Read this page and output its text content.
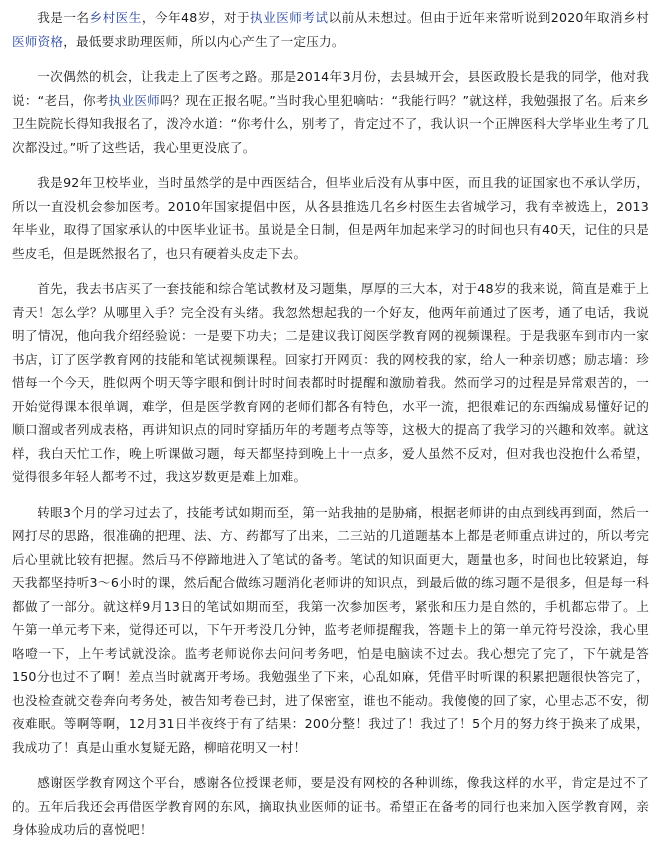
我是一名乡村医生，今年48岁，对于执业医师考试以前从未想过。但由于近年来常听说到2020年取消乡村医师资格，最低要求助理医师，所以内心产生了一定压力。

一次偶然的机会，让我走上了医考之路。那是2014年3月份，去县城开会，县医政股长是我的同学，他对我说：“老吕，你考执业医师吗？现在正报名呢。”当时我心里犯嘀咕：“我能行吗？”就这样，我勉强报了名。后来乡卫生院院长得知我报名了，泼冷水道：“你考什么，别考了，肯定过不了，我认识一个正牌医科大学毕业生考了几次都没过。”听了这些话，我心里更没底了。

我是92年卫校毕业，当时虽然学的是中西医结合，但毕业后没有从事中医，而且我的证国家也不承认学历，所以一直没机会参加医考。2010年国家提倡中医，从各县推选几名乡村医生去省城学习，我有幸被选上，2013年毕业，取得了国家承认的中医毕业证书。虽说是全日制，但是两年加起来学习的时间也只有40天，记住的只是些皮毛，但是既然报名了，也只有硬着头皮走下去。

首先，我去书店买了一套技能和综合笔试教材及习题集，厚厚的三大本，对于48岁的我来说，简直是难于上青天！怎么学？从哪里入手？完全没有头绪。我忽然想起我的一个好友，他两年前通过了医考，通了电话，我说明了情况，他向我介绍经验说：一是要下功夫；二是建议我订阅医学教育网的视频课程。于是我驱车到市内一家书店，订了医学教育网的技能和笔试视频课程。回家打开网页：我的网校我的家，给人一种亲切感；励志墙：珍惜每一个今天，胜似两个明天等字眼和倒计时时间表都时时提醒和激励着我。然而学习的过程是异常艰苦的，一开始觉得课本很单调，难学，但是医学教育网的老师们都各有特色，水平一流，把很难记的东西编成易懂好记的顺口溜或者列成表格，再讲知识点的同时穿插历年的考题考点等等，这极大的提高了我学习的兴趣和效率。就这样，我白天忙工作，晚上听课做习题，每天都坚持到晚上十一点多，爱人虽然不反对，但对我也没抱什么希望，觉得很多年轻人都考不过，我这岁数更是难上加难。

转眼3个月的学习过去了，技能考试如期而至，第一站我抽的是胁痛，根据老师讲的由点到线再到面，然后一网打尽的思路，很准确的把理、法、方、药都写了出来，二三站的几道题基本上都是老师重点讲过的，所以考完后心里就比较有把握。然后马不停蹄地进入了笔试的备考。笔试的知识面更大，题量也多，时间也比较紧迫，每天我都坚持听3～6小时的课，然后配合做练习题消化老师讲的知识点，到最后做的练习题不是很多，但是每一科都做了一部分。就这样9月13日的笔试如期而至，我第一次参加医考，紧张和压力是自然的，手机都忘带了。上午第一单元考下来，觉得还可以，下午开考没几分钟，监考老师提醒我，答题卡上的第一单元符号没涂，我心里咯噔一下，上午考试就没涂。监考老师说你去问问考务吧，怕是电脑读不过去。我心想完了完了，下午就是答150分也过不了啊！差点当时就离开考场。我勉强坐了下来，心乱如麻，凭借平时听课的积累把题很快答完了，也没检查就交卷奔向考务处，被告知考卷已封，进了保密室，谁也不能动。我傻傻的回了家，心里忐忑不安，彻夜难眠。等啊等啊，12月31日半夜终于有了结果：200分整！我过了！我过了！5个月的努力终于换来了成果，我成功了！真是山重水复疑无路，柳暗花明又一村！

感谢医学教育网这个平台，感谢各位授课老师，要是没有网校的各种训练，像我这样的水平，肯定是过不了的。五年后我还会再借医学教育网的东风，摘取执业医师的证书。希望正在备考的同行也来加入医学教育网，亲身体验成功后的喜悦吧！
